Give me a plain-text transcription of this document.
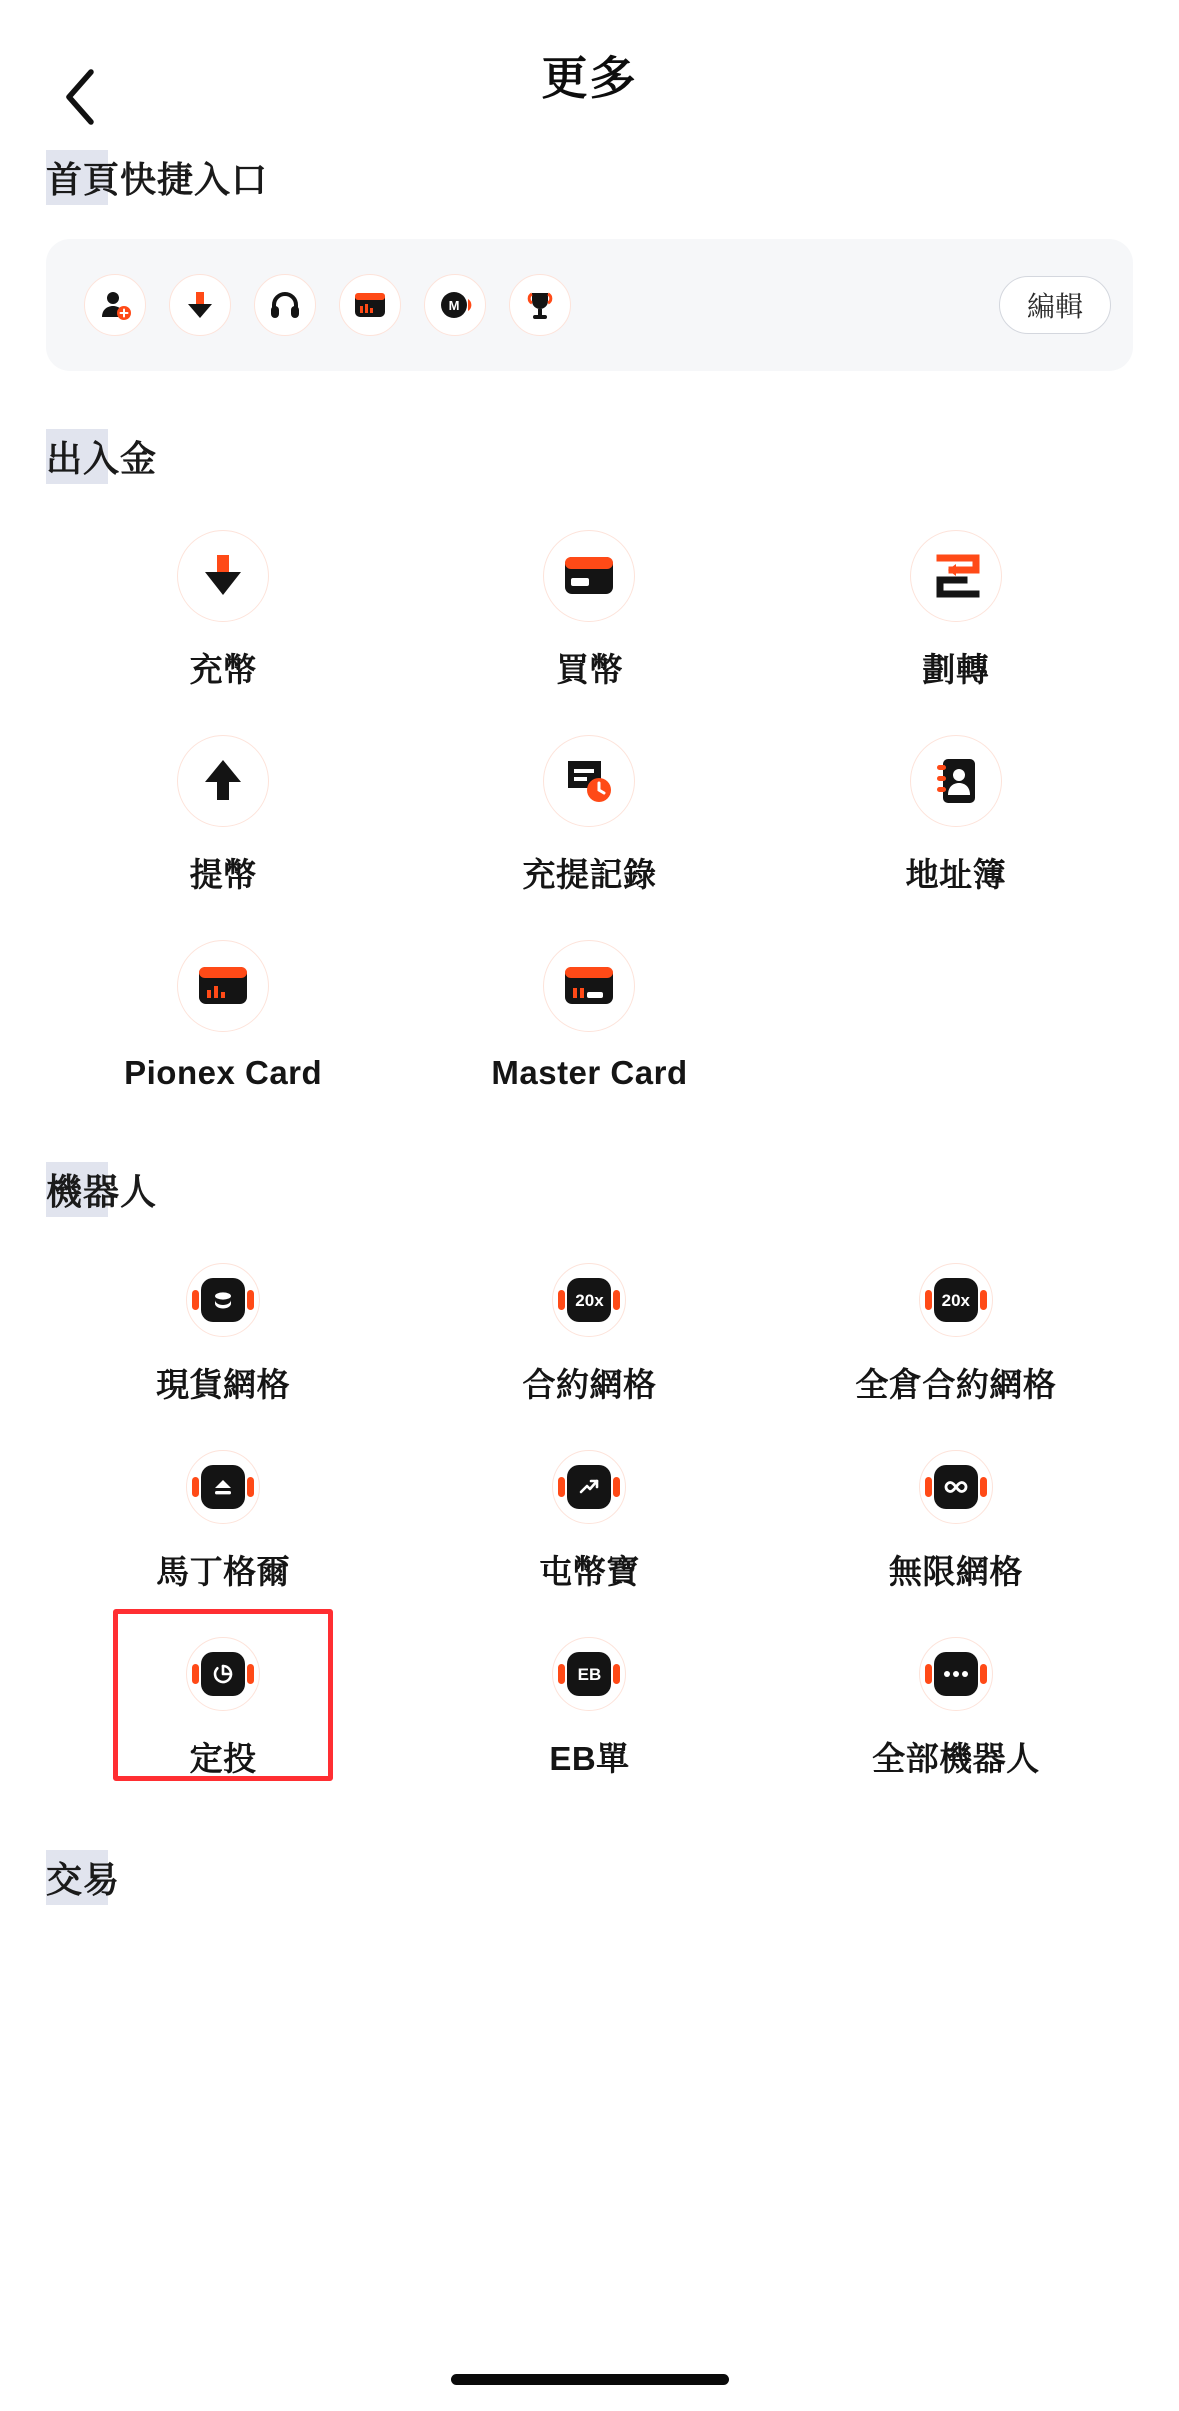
更多
首頁快捷入口
M	編輯
出入金
充幣	買幣	劃轉
提幣	充提記錄	地址簿
Pionex Card	Master Card
機器人
現貨網格
20x
合約網格
20x
全倉合約網格
馬丁格爾	屯幣寶	無限網格
定投
EB
EB單	全部機器人
交易
